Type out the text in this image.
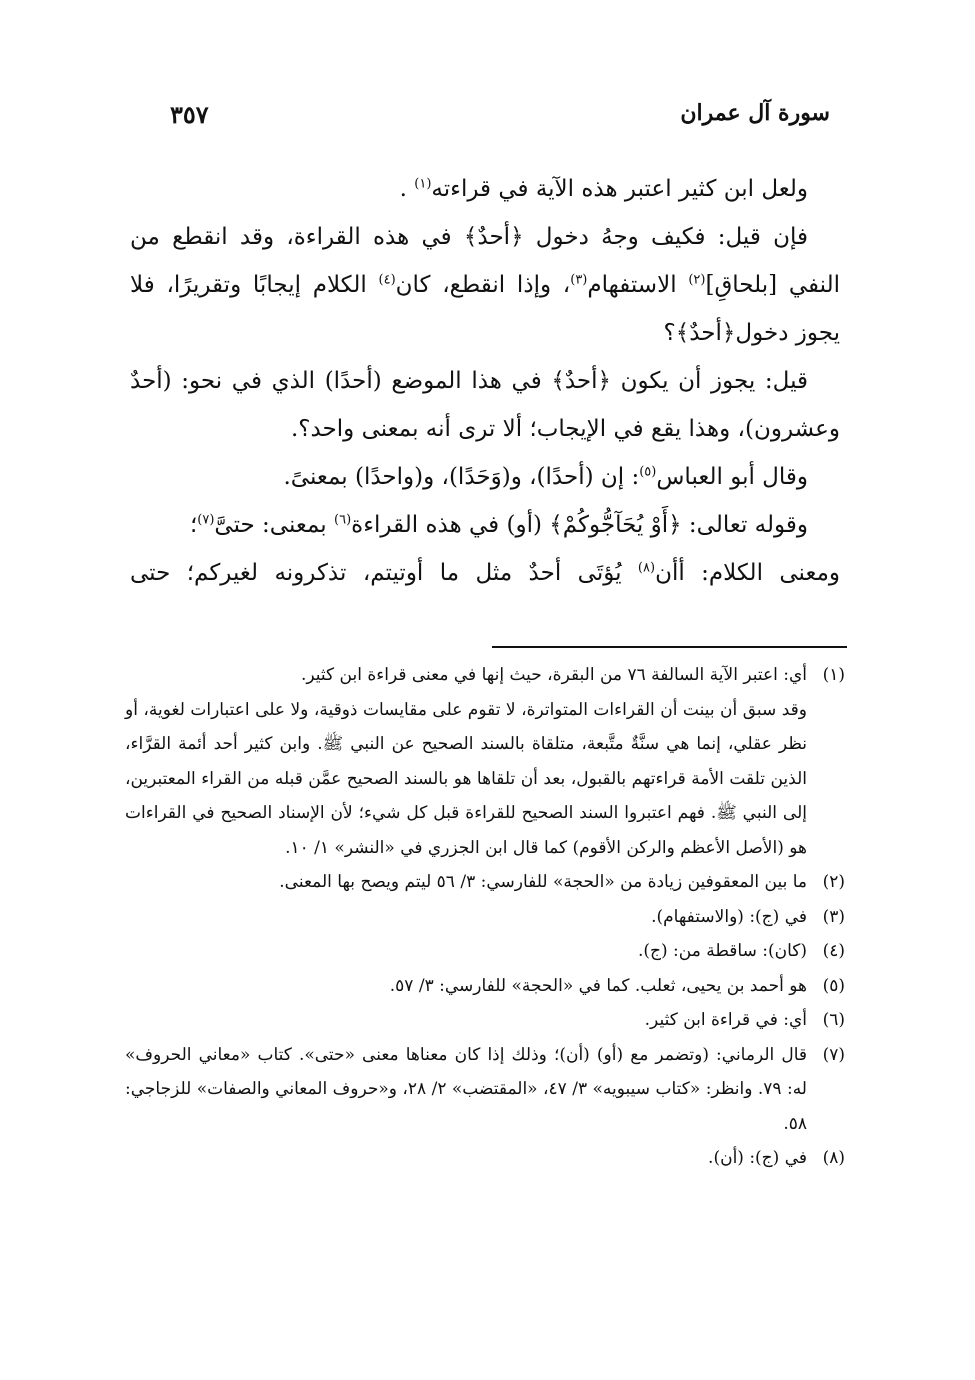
سورة آل عمران
٣٥٧

ولعل ابن كثير اعتبر هذه الآية في قراءته$^{(١)}$ .

فإن قيل: فكيف وجهُ دخول ﴿أحدٌ﴾ في هذه القراءة، وقد انقطع من النفي [بلحاقِ]$^{(٢)}$ الاستفهام$^{(٣)}$، وإذا انقطع، كان$^{(٤)}$ الكلام إيجابًا وتقريرًا، فلا يجوز دخول﴿أحدٌ﴾؟

قيل: يجوز أن يكون ﴿أحدٌ﴾ في هذا الموضع (أحدًا) الذي في نحو: (أحدٌ وعشرون)، وهذا يقع في الإيجاب؛ ألا ترى أنه بمعنى واحد؟.

وقال أبو العباس$^{(٥)}$: إن (أحدًا)، و(وَحَدًا)، و(واحدًا) بمعنىً.

وقوله تعالى: ﴿أَوْ يُحَآجُّوكُمْ﴾ (أو) في هذه القراءة$^{(٦)}$ بمعنى: حتىَّ$^{(٧)}$؛

ومعنى الكلام: أأن$^{(٨)}$ يُؤتَى أحدٌ مثل ما أوتيتم، تذكرونه لغيركم؛ حتى

(١)

أي: اعتبر الآية السالفة ٧٦ من البقرة، حيث إنها في معنى قراءة ابن كثير.

وقد سبق أن بينت أن القراءات المتواترة، لا تقوم على مقايسات ذوقية، ولا على اعتبارات لغوية، أو نظر عقلي، إنما هي سنَّةٌ متَّبعة، متلقاة بالسند الصحيح عن النبي ﷺ. وابن كثير أحد أئمة القرَّاء، الذين تلقت الأمة قراءتهم بالقبول، بعد أن تلقاها هو بالسند الصحيح عمَّن قبله من القراء المعتبرين، إلى النبي ﷺ. فهم اعتبروا السند الصحيح للقراءة قبل كل شيء؛ لأن الإسناد الصحيح في القراءات هو (الأصل الأعظم والركن الأقوم) كما قال ابن الجزري في «النشر» ١/ ١٠.

(٢)

ما بين المعقوفين زيادة من «الحجة» للفارسي: ٣/ ٥٦ ليتم ويصح بها المعنى.

(٣)

في (ج): (والاستفهام).

(٤)

(كان): ساقطة من: (ج).

(٥)

هو أحمد بن يحيى، ثعلب. كما في «الحجة» للفارسي: ٣/ ٥٧.

(٦)

أي: في قراءة ابن كثير.

(٧)

قال الرماني: (وتضمر مع (أو) (أن)؛ وذلك إذا كان معناها معنى «حتى». كتاب «معاني الحروف» له: ٧٩. وانظر: «كتاب سيبويه» ٣/ ٤٧، «المقتضب» ٢/ ٢٨، و«حروف المعاني والصفات» للزجاجي: ٥٨.

(٨)

في (ج): (أن).
